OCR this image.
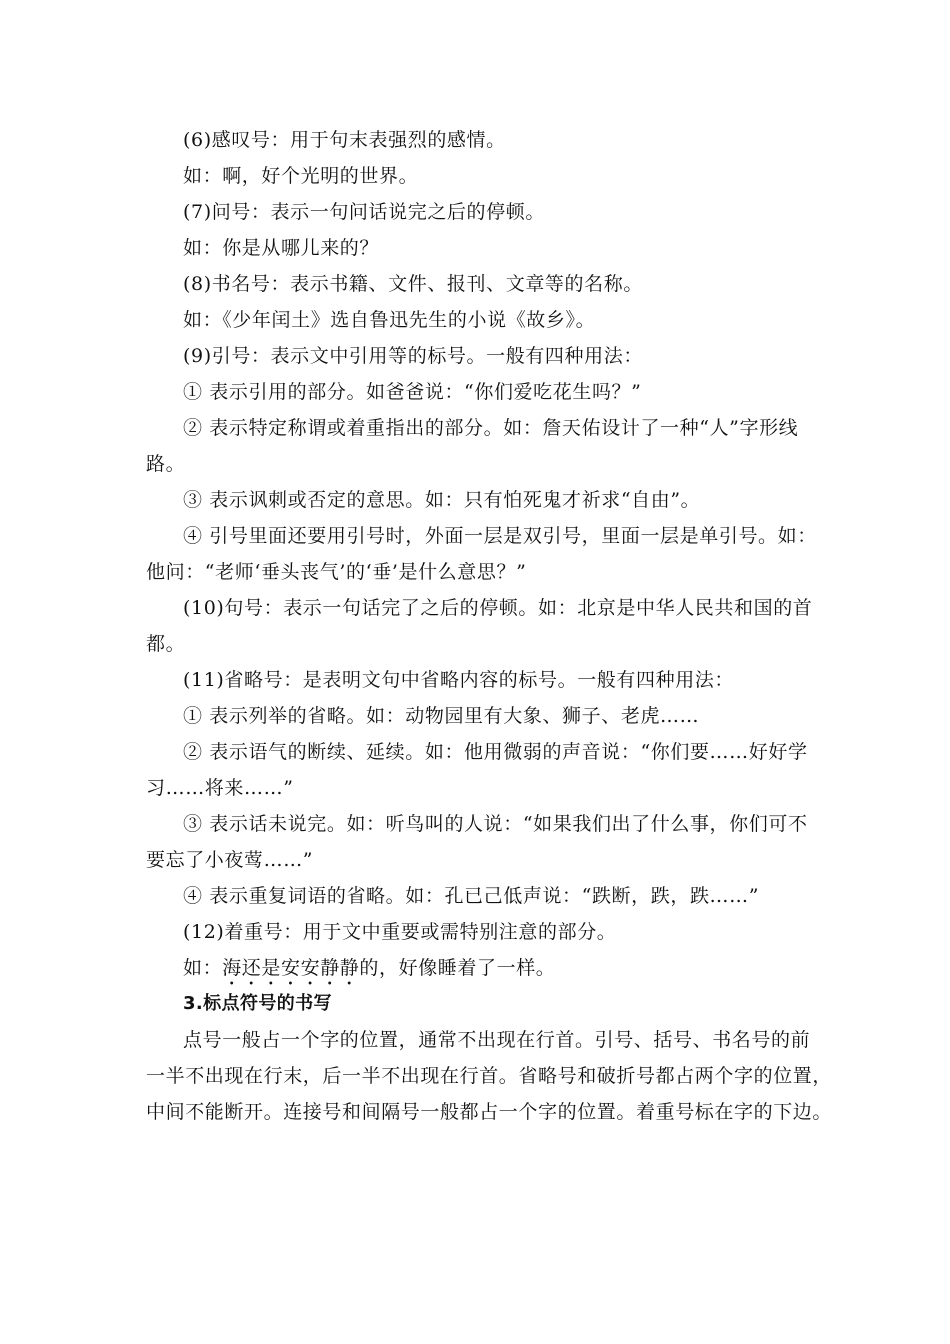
(6)感叹号：用于句末表强烈的感情。
如：啊，好个光明的世界。
(7)问号：表示一句问话说完之后的停顿。
如：你是从哪儿来的？
(8)书名号：表示书籍、文件、报刊、文章等的名称。
如：《少年闰土》选自鲁迅先生的小说《故乡》。
(9)引号：表示文中引用等的标号。一般有四种用法：
① 表示引用的部分。如爸爸说：“你们爱吃花生吗？”
② 表示特定称谓或着重指出的部分。如：詹天佑设计了一种“人”字形线
路。
③ 表示讽刺或否定的意思。如：只有怕死鬼才祈求“自由”。
④ 引号里面还要用引号时，外面一层是双引号，里面一层是单引号。如：
他问：“老师‘垂头丧气’的‘垂’是什么意思？”
(10)句号：表示一句话完了之后的停顿。如：北京是中华人民共和国的首
都。
(11)省略号：是表明文句中省略内容的标号。一般有四种用法：
① 表示列举的省略。如：动物园里有大象、狮子、老虎……
② 表示语气的断续、延续。如：他用微弱的声音说：“你们要……好好学
习……将来……”
③ 表示话未说完。如：听鸟叫的人说：“如果我们出了什么事，你们可不
要忘了小夜莺……”
④ 表示重复词语的省略。如：孔已己低声说：“跌断，跌，跌……”
(12)着重号：用于文中重要或需特别注意的部分。
如：海还是安安静静的，好像睡着了一样。
3.标点符号的书写
点号一般占一个字的位置，通常不出现在行首。引号、括号、书名号的前
一半不出现在行末，后一半不出现在行首。省略号和破折号都占两个字的位置，
中间不能断开。连接号和间隔号一般都占一个字的位置。着重号标在字的下边。
